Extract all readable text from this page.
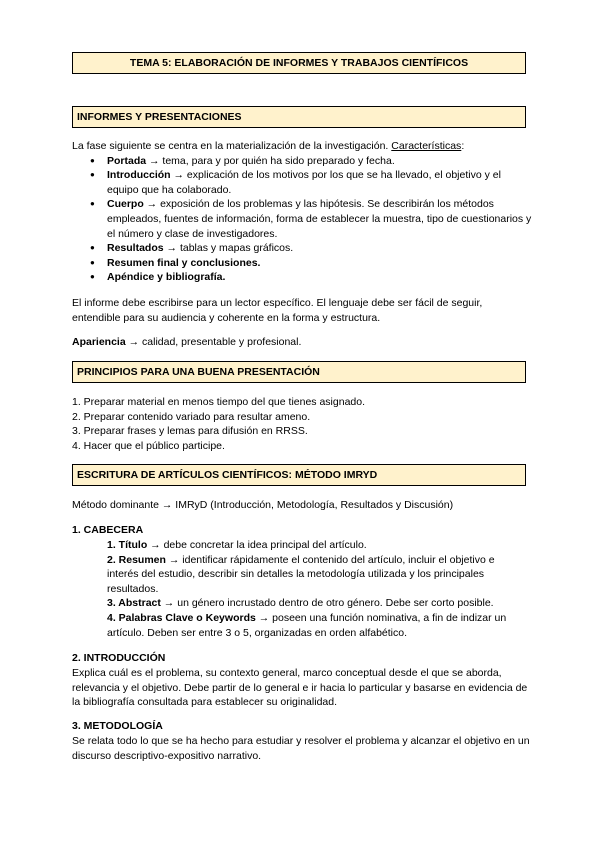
TEMA 5: ELABORACIÓN DE INFORMES Y TRABAJOS CIENTÍFICOS
INFORMES Y PRESENTACIONES

La fase siguiente se centra en la materialización de la investigación. Características:

● Portada → tema, para y por quién ha sido preparado y fecha.
● Introducción → explicación de los motivos por los que se ha llevado, el objetivo y el equipo que ha colaborado.
● Cuerpo → exposición de los problemas y las hipótesis. Se describirán los métodos empleados, fuentes de información, forma de establecer la muestra, tipo de cuestionarios y el número y clase de investigadores.
● Resultados → tablas y mapas gráficos.
● Resumen final y conclusiones.
● Apéndice y bibliografía.

El informe debe escribirse para un lector específico. El lenguaje debe ser fácil de seguir, entendible para su audiencia y coherente en la forma y estructura.

Apariencia → calidad, presentable y profesional.

PRINCIPIOS PARA UNA BUENA PRESENTACIÓN

1. Preparar material en menos tiempo del que tienes asignado.

2. Preparar contenido variado para resultar ameno.

3. Preparar frases y lemas para difusión en RRSS.

4. Hacer que el público participe.

ESCRITURA DE ARTÍCULOS CIENTÍFICOS: MÉTODO IMRYD

Método dominante → IMRyD (Introducción, Metodología, Resultados y Discusión)

1. CABECERA

1. Título → debe concretar la idea principal del artículo.

2. Resumen → identificar rápidamente el contenido del artículo, incluir el objetivo e interés del estudio, describir sin detalles la metodología utilizada y los principales resultados.

3. Abstract → un género incrustado dentro de otro género. Debe ser corto posible.

4. Palabras Clave o Keywords → poseen una función nominativa, a fin de indizar un artículo. Deben ser entre 3 o 5, organizadas en orden alfabético.

2. INTRODUCCIÓN

Explica cuál es el problema, su contexto general, marco conceptual desde el que se aborda, relevancia y el objetivo. Debe partir de lo general e ir hacia lo particular y basarse en evidencia de la bibliografía consultada para establecer su originalidad.

3. METODOLOGÍA

Se relata todo lo que se ha hecho para estudiar y resolver el problema y alcanzar el objetivo en un discurso descriptivo-expositivo narrativo.
